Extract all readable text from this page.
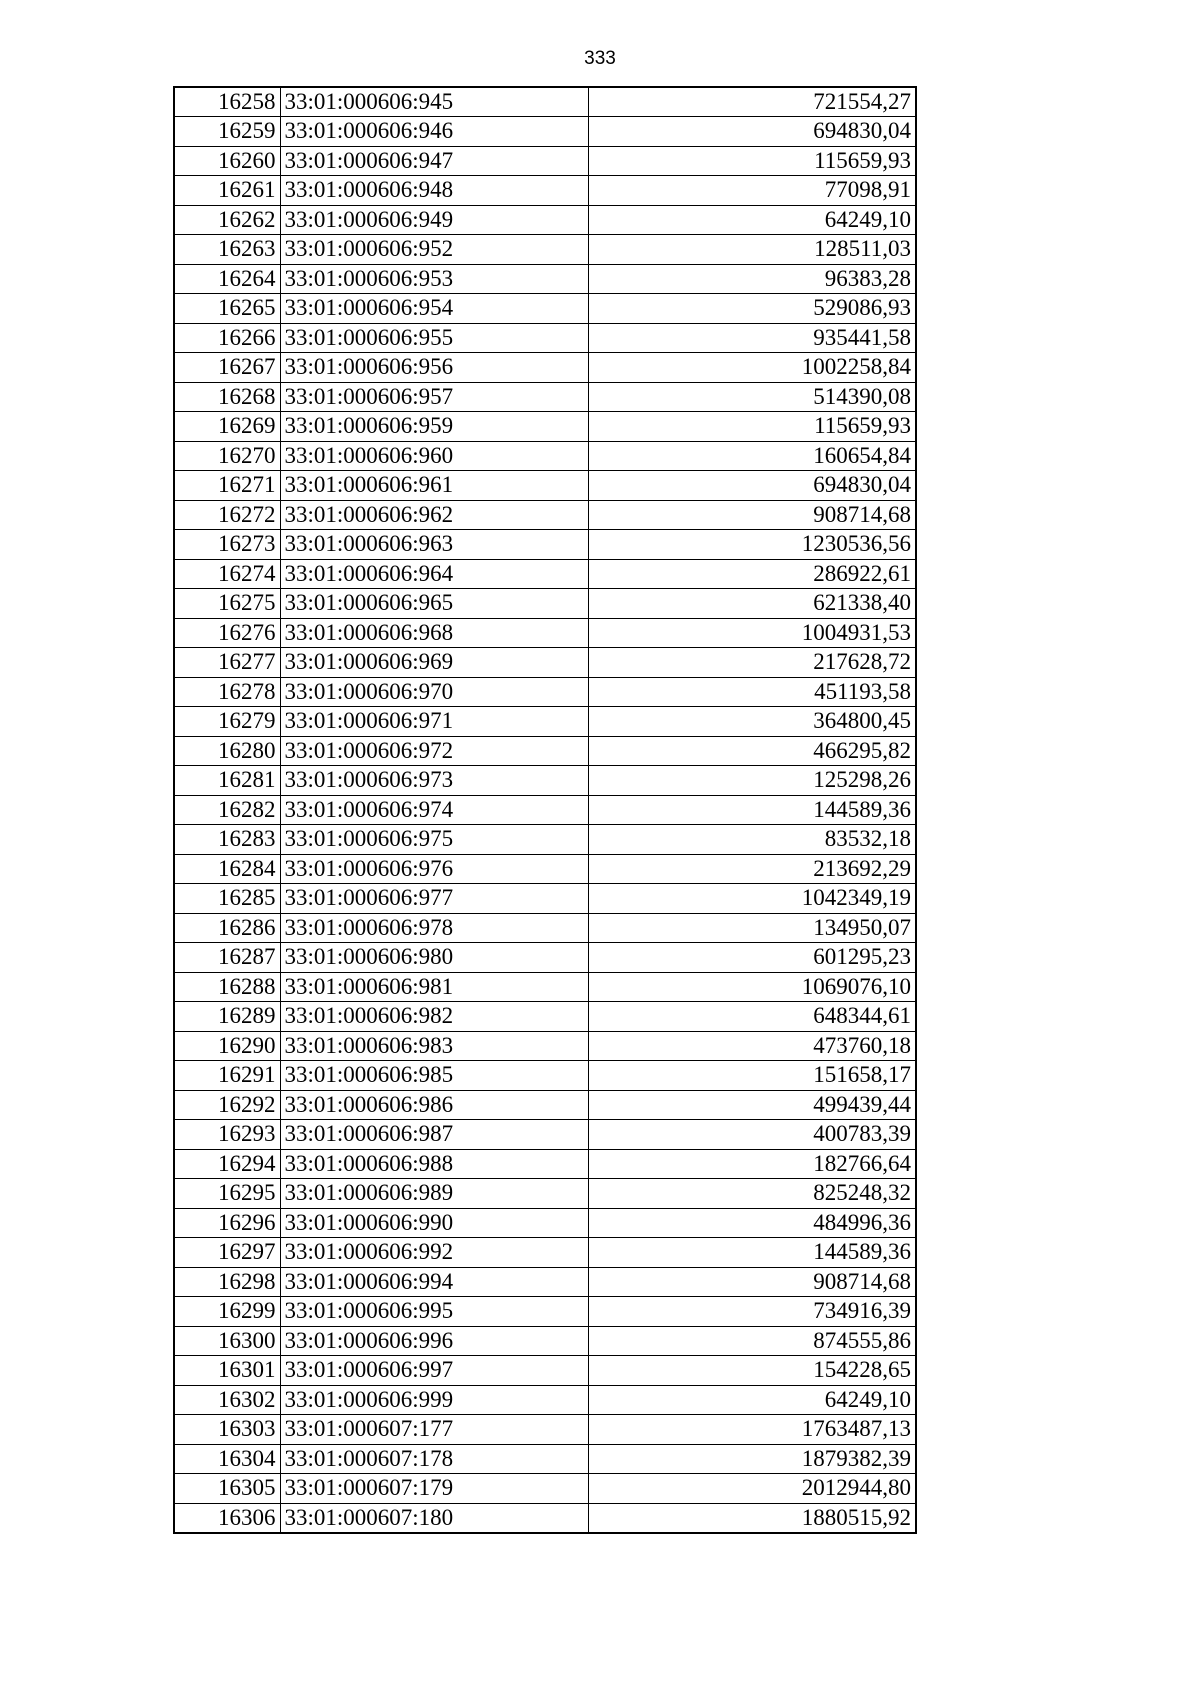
333
16258	33:01:000606:945	721554,27
16259	33:01:000606:946	694830,04
16260	33:01:000606:947	115659,93
16261	33:01:000606:948	77098,91
16262	33:01:000606:949	64249,10
16263	33:01:000606:952	128511,03
16264	33:01:000606:953	96383,28
16265	33:01:000606:954	529086,93
16266	33:01:000606:955	935441,58
16267	33:01:000606:956	1002258,84
16268	33:01:000606:957	514390,08
16269	33:01:000606:959	115659,93
16270	33:01:000606:960	160654,84
16271	33:01:000606:961	694830,04
16272	33:01:000606:962	908714,68
16273	33:01:000606:963	1230536,56
16274	33:01:000606:964	286922,61
16275	33:01:000606:965	621338,40
16276	33:01:000606:968	1004931,53
16277	33:01:000606:969	217628,72
16278	33:01:000606:970	451193,58
16279	33:01:000606:971	364800,45
16280	33:01:000606:972	466295,82
16281	33:01:000606:973	125298,26
16282	33:01:000606:974	144589,36
16283	33:01:000606:975	83532,18
16284	33:01:000606:976	213692,29
16285	33:01:000606:977	1042349,19
16286	33:01:000606:978	134950,07
16287	33:01:000606:980	601295,23
16288	33:01:000606:981	1069076,10
16289	33:01:000606:982	648344,61
16290	33:01:000606:983	473760,18
16291	33:01:000606:985	151658,17
16292	33:01:000606:986	499439,44
16293	33:01:000606:987	400783,39
16294	33:01:000606:988	182766,64
16295	33:01:000606:989	825248,32
16296	33:01:000606:990	484996,36
16297	33:01:000606:992	144589,36
16298	33:01:000606:994	908714,68
16299	33:01:000606:995	734916,39
16300	33:01:000606:996	874555,86
16301	33:01:000606:997	154228,65
16302	33:01:000606:999	64249,10
16303	33:01:000607:177	1763487,13
16304	33:01:000607:178	1879382,39
16305	33:01:000607:179	2012944,80
16306	33:01:000607:180	1880515,92
